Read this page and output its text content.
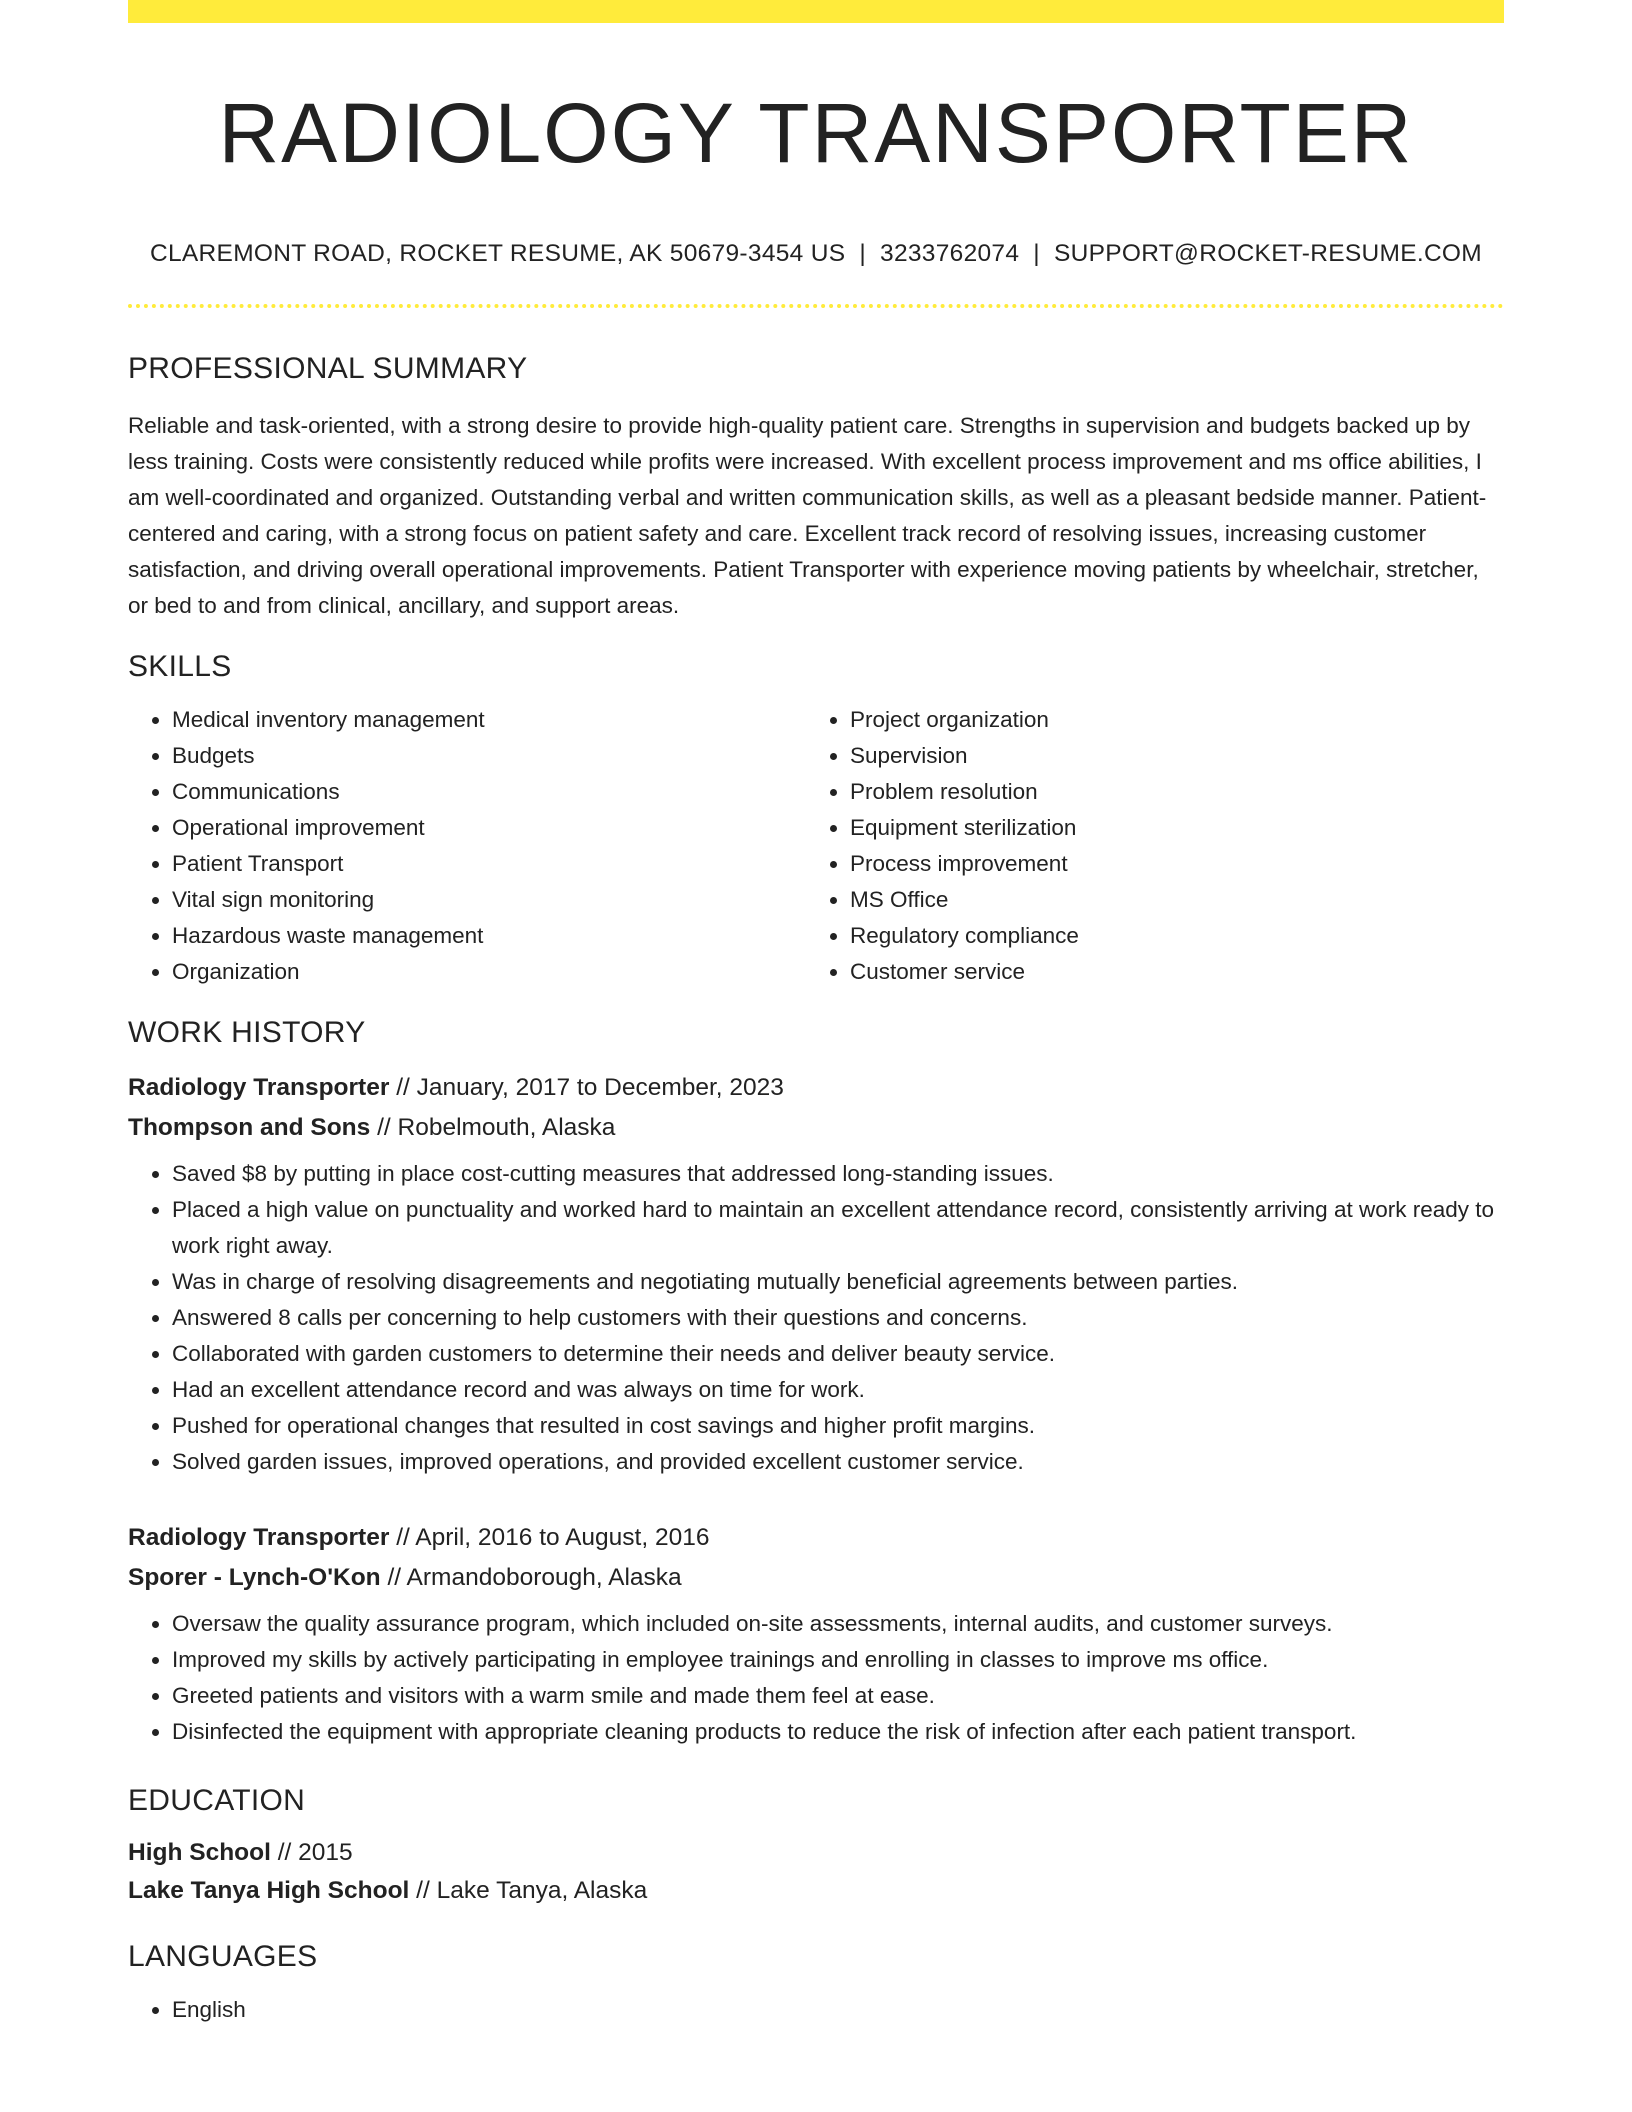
RADIOLOGY TRANSPORTER
CLAREMONT ROAD, ROCKET RESUME, AK 50679-3454 US | 3233762074 | SUPPORT@ROCKET-RESUME.COM
PROFESSIONAL SUMMARY

Reliable and task-oriented, with a strong desire to provide high-quality patient care. Strengths in supervision and budgets backed up by less training. Costs were consistently reduced while profits were increased. With excellent process improvement and ms office abilities, I am well-coordinated and organized. Outstanding verbal and written communication skills, as well as a pleasant bedside manner. Patient-centered and caring, with a strong focus on patient safety and care. Excellent track record of resolving issues, increasing customer satisfaction, and driving overall operational improvements. Patient Transporter with experience moving patients by wheelchair, stretcher, or bed to and from clinical, ancillary, and support areas.

SKILLS
• Medical inventory management
• Budgets
• Communications
• Operational improvement
• Patient Transport
• Vital sign monitoring
• Hazardous waste management
• Organization
• Project organization
• Supervision
• Problem resolution
• Equipment sterilization
• Process improvement
• MS Office
• Regulatory compliance
• Customer service
WORK HISTORY
Radiology Transporter // January, 2017 to December, 2023
Thompson and Sons // Robelmouth, Alaska
• Saved $8 by putting in place cost-cutting measures that addressed long-standing issues.
• Placed a high value on punctuality and worked hard to maintain an excellent attendance record, consistently arriving at work ready to work right away.
• Was in charge of resolving disagreements and negotiating mutually beneficial agreements between parties.
• Answered 8 calls per concerning to help customers with their questions and concerns.
• Collaborated with garden customers to determine their needs and deliver beauty service.
• Had an excellent attendance record and was always on time for work.
• Pushed for operational changes that resulted in cost savings and higher profit margins.
• Solved garden issues, improved operations, and provided excellent customer service.
Radiology Transporter // April, 2016 to August, 2016
Sporer - Lynch-O'Kon // Armandoborough, Alaska
• Oversaw the quality assurance program, which included on-site assessments, internal audits, and customer surveys.
• Improved my skills by actively participating in employee trainings and enrolling in classes to improve ms office.
• Greeted patients and visitors with a warm smile and made them feel at ease.
• Disinfected the equipment with appropriate cleaning products to reduce the risk of infection after each patient transport.
EDUCATION
High School // 2015
Lake Tanya High School // Lake Tanya, Alaska
LANGUAGES
• English
